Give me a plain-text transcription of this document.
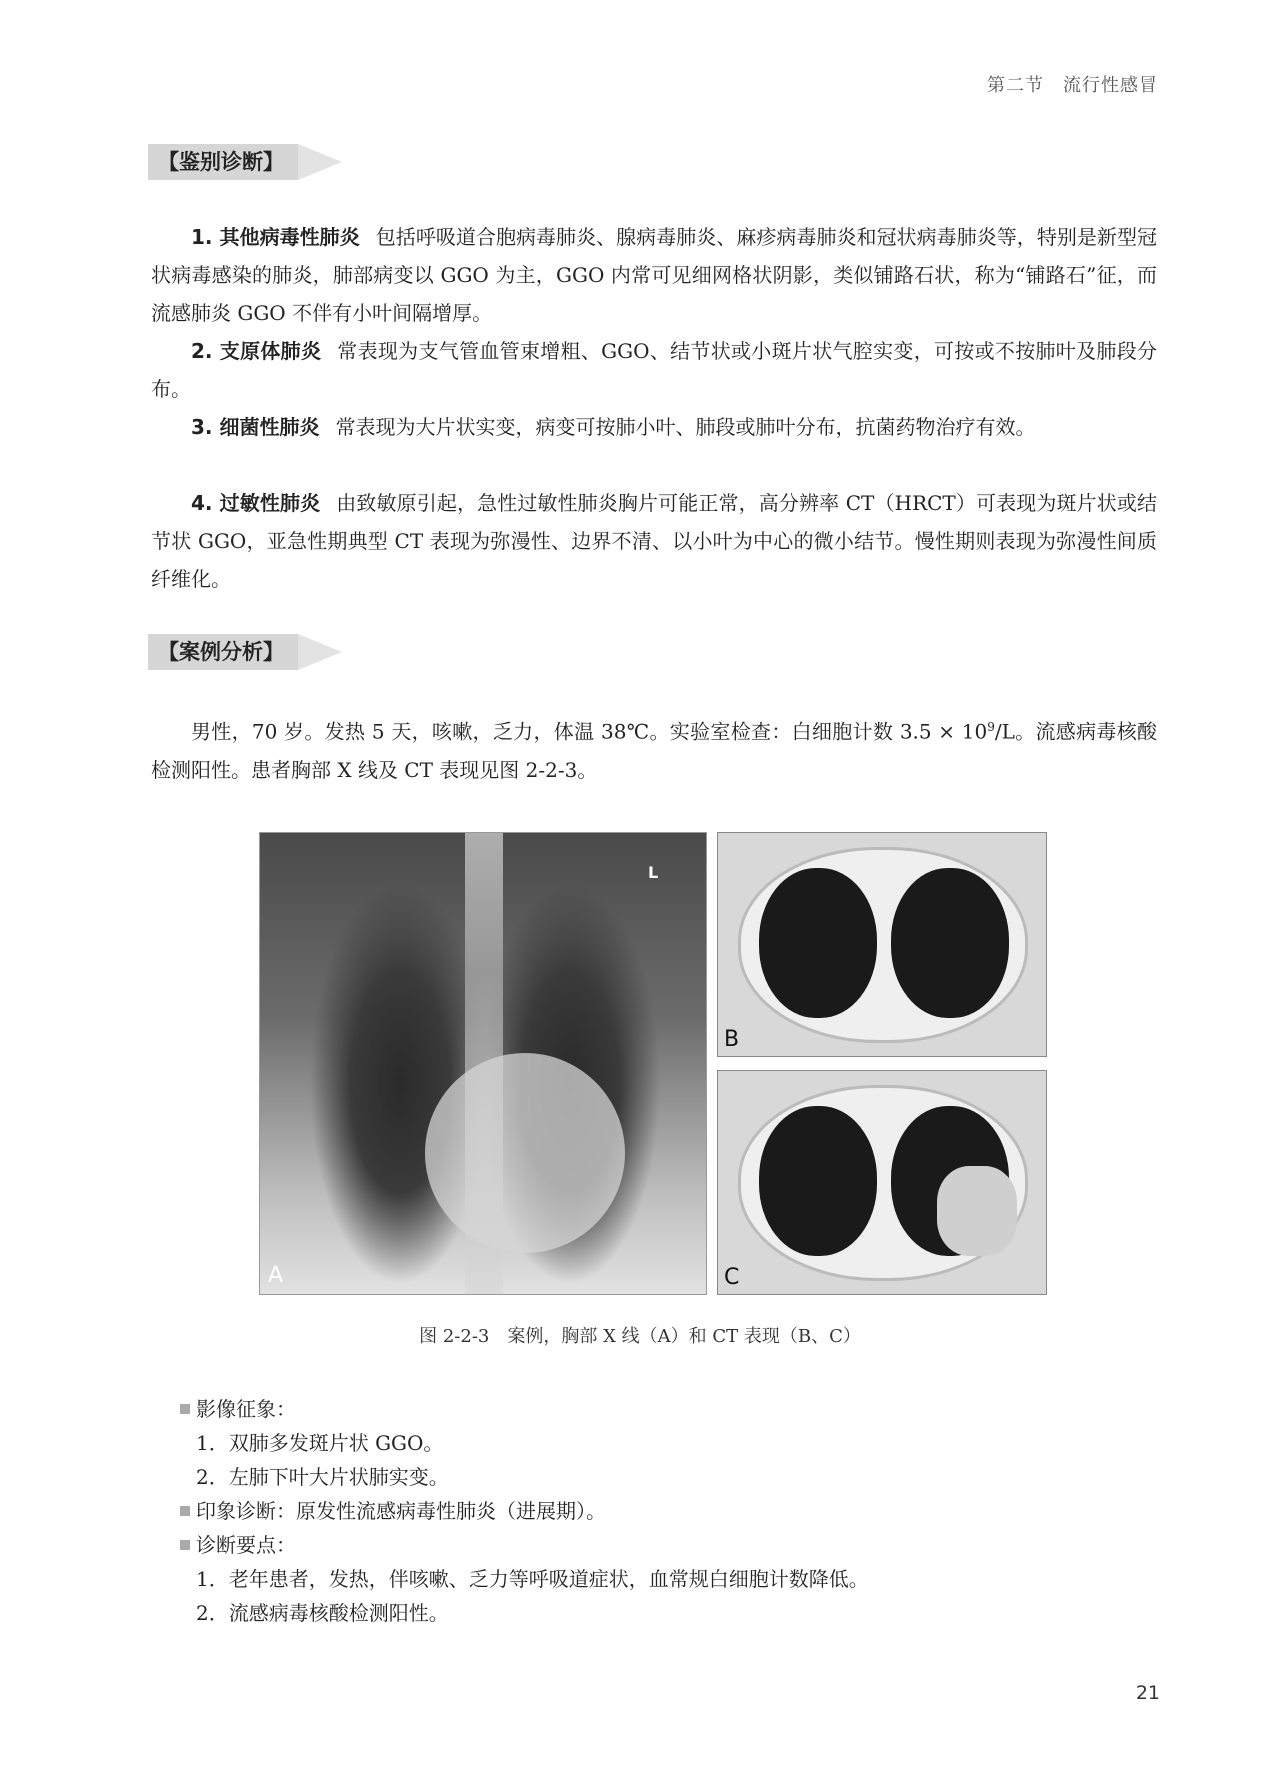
第二节　流行性感冒
【鉴别诊断】

1. 其他病毒性肺炎 包括呼吸道合胞病毒肺炎、腺病毒肺炎、麻疹病毒肺炎和冠状病毒肺炎等，特别是新型冠状病毒感染的肺炎，肺部病变以 GGO 为主，GGO 内常可见细网格状阴影，类似铺路石状，称为“铺路石”征，而流感肺炎 GGO 不伴有小叶间隔增厚。

2. 支原体肺炎 常表现为支气管血管束增粗、GGO、结节状或小斑片状气腔实变，可按或不按肺叶及肺段分布。

3. 细菌性肺炎 常表现为大片状实变，病变可按肺小叶、肺段或肺叶分布，抗菌药物治疗有效。

4. 过敏性肺炎 由致敏原引起，急性过敏性肺炎胸片可能正常，高分辨率 CT（HRCT）可表现为斑片状或结节状 GGO，亚急性期典型 CT 表现为弥漫性、边界不清、以小叶为中心的微小结节。慢性期则表现为弥漫性间质纤维化。

【案例分析】

男性，70 岁。发热 5 天，咳嗽，乏力，体温 38℃。实验室检查：白细胞计数 $3.5 \times 10^9/L$。流感病毒核酸检测阳性。患者胸部 X 线及 CT 表现见图 2-2-3。

L
A
B
C
图 2-2-3　案例，胸部 X 线（A）和 CT 表现（B、C）

影像征象：

1．双肺多发斑片状 GGO。

2．左肺下叶大片状肺实变。

印象诊断：原发性流感病毒性肺炎（进展期）。

诊断要点：

1．老年患者，发热，伴咳嗽、乏力等呼吸道症状，血常规白细胞计数降低。

2．流感病毒核酸检测阳性。

21
